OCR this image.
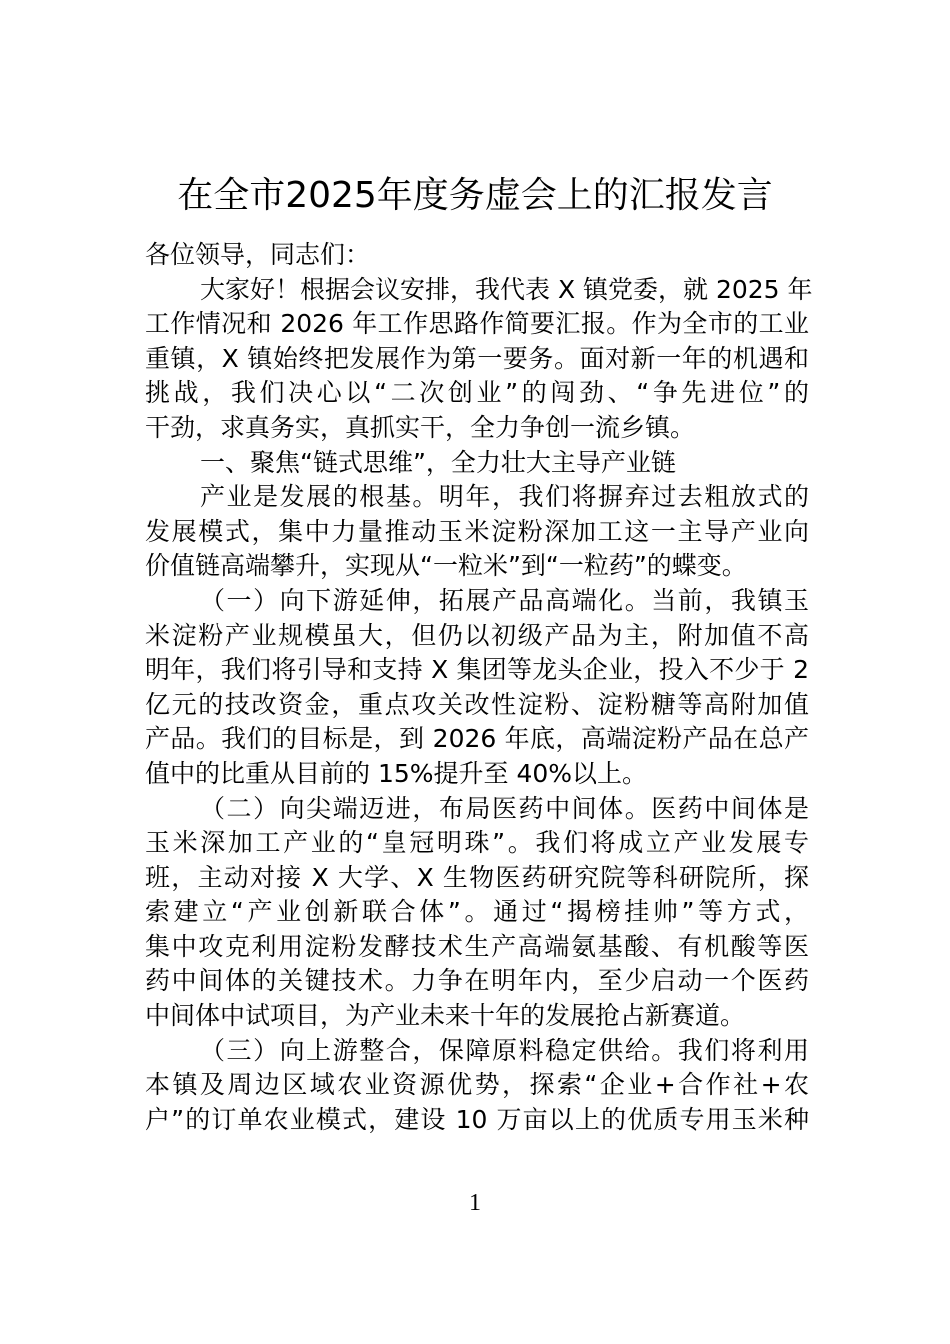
在全市2025年度务虚会上的汇报发言
各位领导，同志们：
大家好！根据会议安排，我代表 X 镇党委，就 2025 年
工作情况和 2026 年工作思路作简要汇报。作为全市的工业
重镇，X 镇始终把发展作为第一要务。面对新一年的机遇和
挑战，我们决心以“二次创业”的闯劲、“争先进位”的
干劲，求真务实，真抓实干，全力争创一流乡镇。
一、聚焦“链式思维”，全力壮大主导产业链
产业是发展的根基。明年，我们将摒弃过去粗放式的
发展模式，集中力量推动玉米淀粉深加工这一主导产业向
价值链高端攀升，实现从“一粒米”到“一粒药”的蝶变。
（一）向下游延伸，拓展产品高端化。当前，我镇玉
米淀粉产业规模虽大，但仍以初级产品为主，附加值不高
明年，我们将引导和支持 X 集团等龙头企业，投入不少于 2
亿元的技改资金，重点攻关改性淀粉、淀粉糖等高附加值
产品。我们的目标是，到 2026 年底，高端淀粉产品在总产
值中的比重从目前的 15%提升至 40%以上。
（二）向尖端迈进，布局医药中间体。医药中间体是
玉米深加工产业的“皇冠明珠”。我们将成立产业发展专
班，主动对接 X 大学、X 生物医药研究院等科研院所，探
索建立“产业创新联合体”。通过“揭榜挂帅”等方式，
集中攻克利用淀粉发酵技术生产高端氨基酸、有机酸等医
药中间体的关键技术。力争在明年内，至少启动一个医药
中间体中试项目，为产业未来十年的发展抢占新赛道。
（三）向上游整合，保障原料稳定供给。我们将利用
本镇及周边区域农业资源优势，探索“企业+合作社+农
户”的订单农业模式，建设 10 万亩以上的优质专用玉米种
1
